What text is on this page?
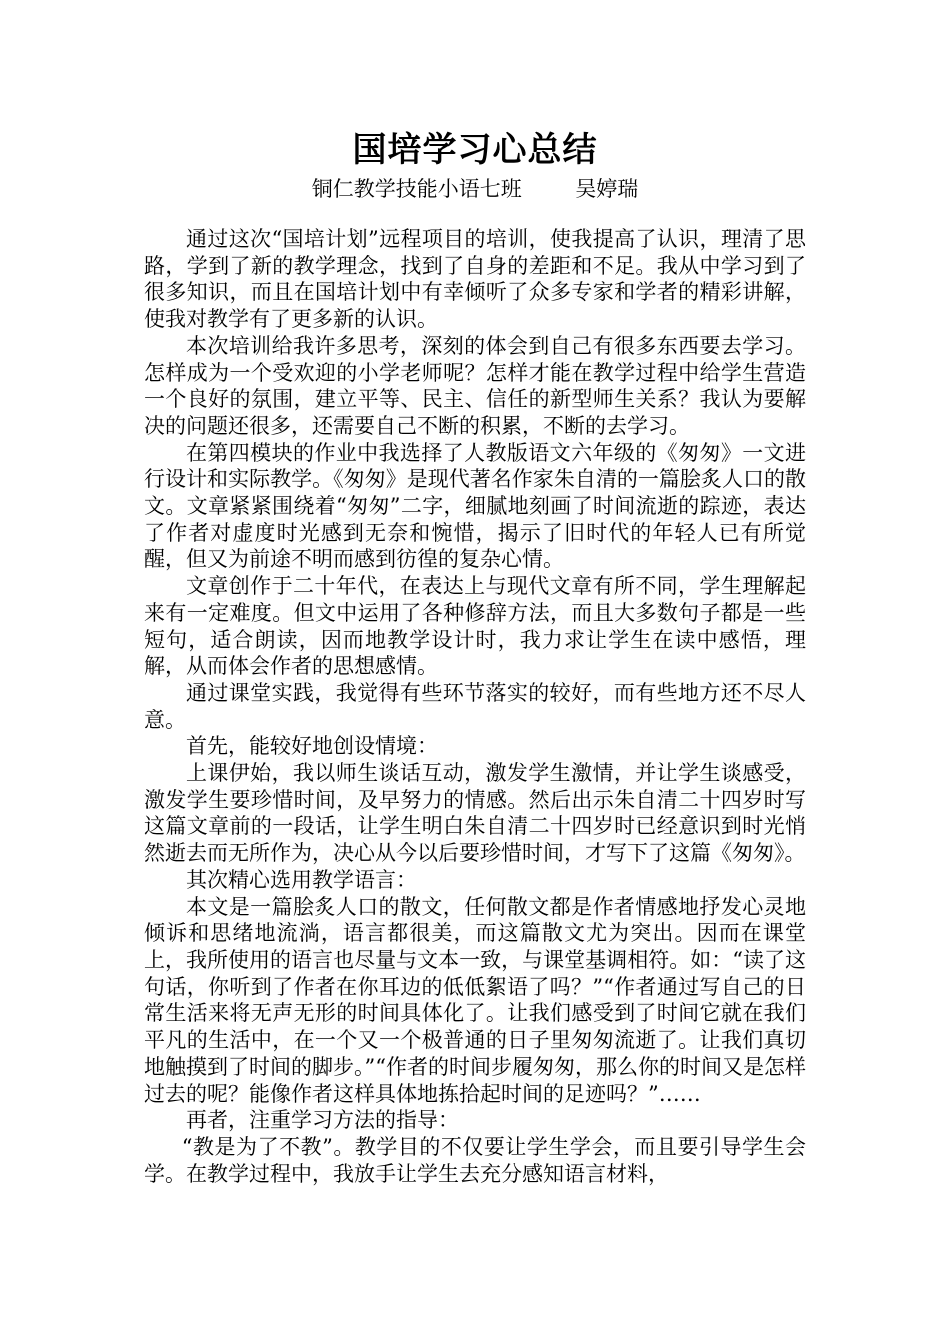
国培学习心总结
铜仁教学技能小语七班        吴婷瑞

通过这次“国培计划”远程项目的培训，使我提高了认识，理清了思路，学到了新的教学理念，找到了自身的差距和不足。我从中学习到了很多知识，而且在国培计划中有幸倾听了众多专家和学者的精彩讲解，使我对教学有了更多新的认识。

本次培训给我许多思考，深刻的体会到自己有很多东西要去学习。怎样成为一个受欢迎的小学老师呢？怎样才能在教学过程中给学生营造一个良好的氛围，建立平等、民主、信任的新型师生关系？我认为要解决的问题还很多，还需要自己不断的积累，不断的去学习。

在第四模块的作业中我选择了人教版语文六年级的《匆匆》一文进行设计和实际教学。《匆匆》是现代著名作家朱自清的一篇脍炙人口的散文。文章紧紧围绕着“匆匆”二字，细腻地刻画了时间流逝的踪迹，表达了作者对虚度时光感到无奈和惋惜，揭示了旧时代的年轻人已有所觉醒，但又为前途不明而感到彷徨的复杂心情。

文章创作于二十年代，在表达上与现代文章有所不同，学生理解起来有一定难度。但文中运用了各种修辞方法，而且大多数句子都是一些短句，适合朗读，因而地教学设计时，我力求让学生在读中感悟，理解，从而体会作者的思想感情。

通过课堂实践，我觉得有些环节落实的较好，而有些地方还不尽人意。

首先，能较好地创设情境：

上课伊始，我以师生谈话互动，激发学生激情，并让学生谈感受，激发学生要珍惜时间，及早努力的情感。然后出示朱自清二十四岁时写这篇文章前的一段话，让学生明白朱自清二十四岁时已经意识到时光悄然逝去而无所作为，决心从今以后要珍惜时间，才写下了这篇《匆匆》。

其次精心选用教学语言：

本文是一篇脍炙人口的散文，任何散文都是作者情感地抒发心灵地倾诉和思绪地流淌，语言都很美，而这篇散文尤为突出。因而在课堂上，我所使用的语言也尽量与文本一致，与课堂基调相符。如：“读了这句话，你听到了作者在你耳边的低低絮语了吗？”“作者通过写自己的日常生活来将无声无形的时间具体化了。让我们感受到了时间它就在我们平凡的生活中，在一个又一个极普通的日子里匆匆流逝了。让我们真切地触摸到了时间的脚步。”“作者的时间步履匆匆，那么你的时间又是怎样过去的呢？能像作者这样具体地拣拾起时间的足迹吗？”……

再者，注重学习方法的指导：

“教是为了不教”。教学目的不仅要让学生学会，而且要引导学生会学。在教学过程中，我放手让学生去充分感知语言材料，
